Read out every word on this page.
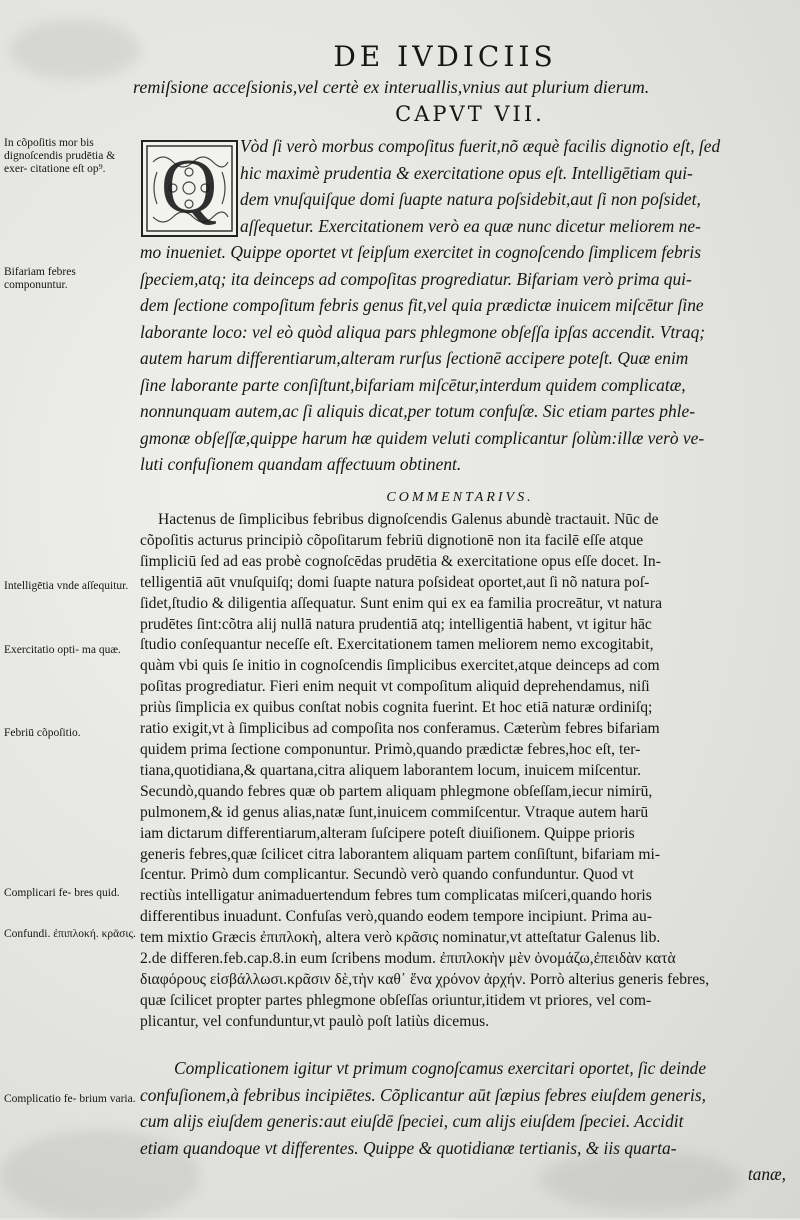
DE IVDICIIS
remiſsione acceſsionis,vel certè ex interuallis,vnius aut plurium dierum.
CAPVT VII.
Q

In cõpoſitis mor bis dignoſcendis prudētia & exer- citatione eſt op⁹.

Bifariam febres componuntur.

Intelligētia vnde aſſequitur.

Exercitatio opti- ma quæ.

Febriū cõpoſitio.

Complicari fe- bres quid.

Confundi. ἐπιπλοκή. κρᾶσις.

Complicatio fe- brium varia.

Vòd ſi verò morbus compoſitus fuerit,nõ æquè facilis dignotio eſt, ſed
hic maximè prudentia & exercitatione opus eſt. Intelligētiam qui-
dem vnuſquiſque domi ſuapte natura poſsidebit,aut ſi non poſsidet,
aſſequetur. Exercitationem verò ea quæ nunc dicetur meliorem ne-
mo inueniet. Quippe oportet vt ſeipſum exercitet in cognoſcendo ſimplicem febris
ſpeciem,atq; ita deinceps ad compoſitas progrediatur. Bifariam verò prima qui-
dem ſectione compoſitum febris genus fit,vel quia prædictæ inuicem miſcētur ſine
laborante loco: vel eò quòd aliqua pars phlegmone obſeſſa ipſas accendit. Vtraq;
autem harum differentiarum,alteram rurſus ſectionē accipere poteſt. Quæ enim
ſine laborante parte conſiſtunt,bifariam miſcētur,interdum quidem complicatæ,
nonnunquam autem,ac ſi aliquis dicat,per totum confuſæ. Sic etiam partes phle-
gmonæ obſeſſæ,quippe harum hæ quidem veluti complicantur ſolùm:illæ verò ve-
luti confuſionem quandam affectuum obtinent.
COMMENTARIVS.
Hactenus de ſimplicibus febribus dignoſcendis Galenus abundè tractauit. Nūc de
cõpoſitis acturus principiò cõpoſitarum febriū dignotionē non ita facilē eſſe atque
ſimpliciū ſed ad eas probè cognoſcēdas prudētia & exercitatione opus eſſe docet. In-
telligentiā aūt vnuſquiſq; domi ſuapte natura poſsideat oportet,aut ſi nõ natura poſ-
ſidet,ſtudio & diligentia aſſequatur. Sunt enim qui ex ea familia procreātur, vt natura
prudētes ſint:cõtra alij nullā natura prudentiā atq; intelligentiā habent, vt igitur hāc
ſtudio conſequantur neceſſe eſt. Exercitationem tamen meliorem nemo excogitabit,
quàm vbi quis ſe initio in cognoſcendis ſimplicibus exercitet,atque deinceps ad com
poſitas progrediatur. Fieri enim nequit vt compoſitum aliquid deprehendamus, niſi
priùs ſimplicia ex quibus conſtat nobis cognita fuerint. Et hoc etiā naturæ ordiniſq;
ratio exigit,vt à ſimplicibus ad compoſita nos conferamus. Cæterùm febres bifariam
quidem prima ſectione componuntur. Primò,quando prædictæ febres,hoc eſt, ter-
tiana,quotidiana,& quartana,citra aliquem laborantem locum, inuicem miſcentur.
Secundò,quando febres quæ ob partem aliquam phlegmone obſeſſam,iecur nimirū,
pulmonem,& id genus alias,natæ ſunt,inuicem commiſcentur. Vtraque autem harū
iam dictarum differentiarum,alteram ſuſcipere poteſt diuiſionem. Quippe prioris
generis febres,quæ ſcilicet citra laborantem aliquam partem conſiſtunt, bifariam mi-
ſcentur. Primò dum complicantur. Secundò verò quando confunduntur. Quod vt
rectiùs intelligatur animaduertendum febres tum complicatas miſceri,quando horis
differentibus inuadunt. Confuſas verò,quando eodem tempore incipiunt. Prima au-
tem mixtio Græcis ἐπιπλοκὴ, altera verò κρᾶσις nominatur,vt atteſtatur Galenus lib.
2.de differen.feb.cap.8.in eum ſcribens modum. ἐπιπλοκὴν μὲν ὀνομάζω,ἐπειδὰν κατὰ
διαφόρους εἰσβάλλωσι.κρᾶσιν δὲ,τὴν καθ᾽ ἕνα χρόνον ἀρχήν. Porrò alterius generis febres,
quæ ſcilicet propter partes phlegmone obſeſſas oriuntur,itidem vt priores, vel com-
plicantur, vel confunduntur,vt paulò poſt latiùs dicemus.
Complicationem igitur vt primum cognoſcamus exercitari oportet, ſic deinde
confuſionem,à febribus incipiētes. Cõplicantur aūt ſæpius febres eiuſdem generis,
cum alijs eiuſdem generis:aut eiuſdē ſpeciei, cum alijs eiuſdem ſpeciei. Accidit
etiam quandoque vt differentes. Quippe & quotidianæ tertianis, & iis quarta-
tanæ,
